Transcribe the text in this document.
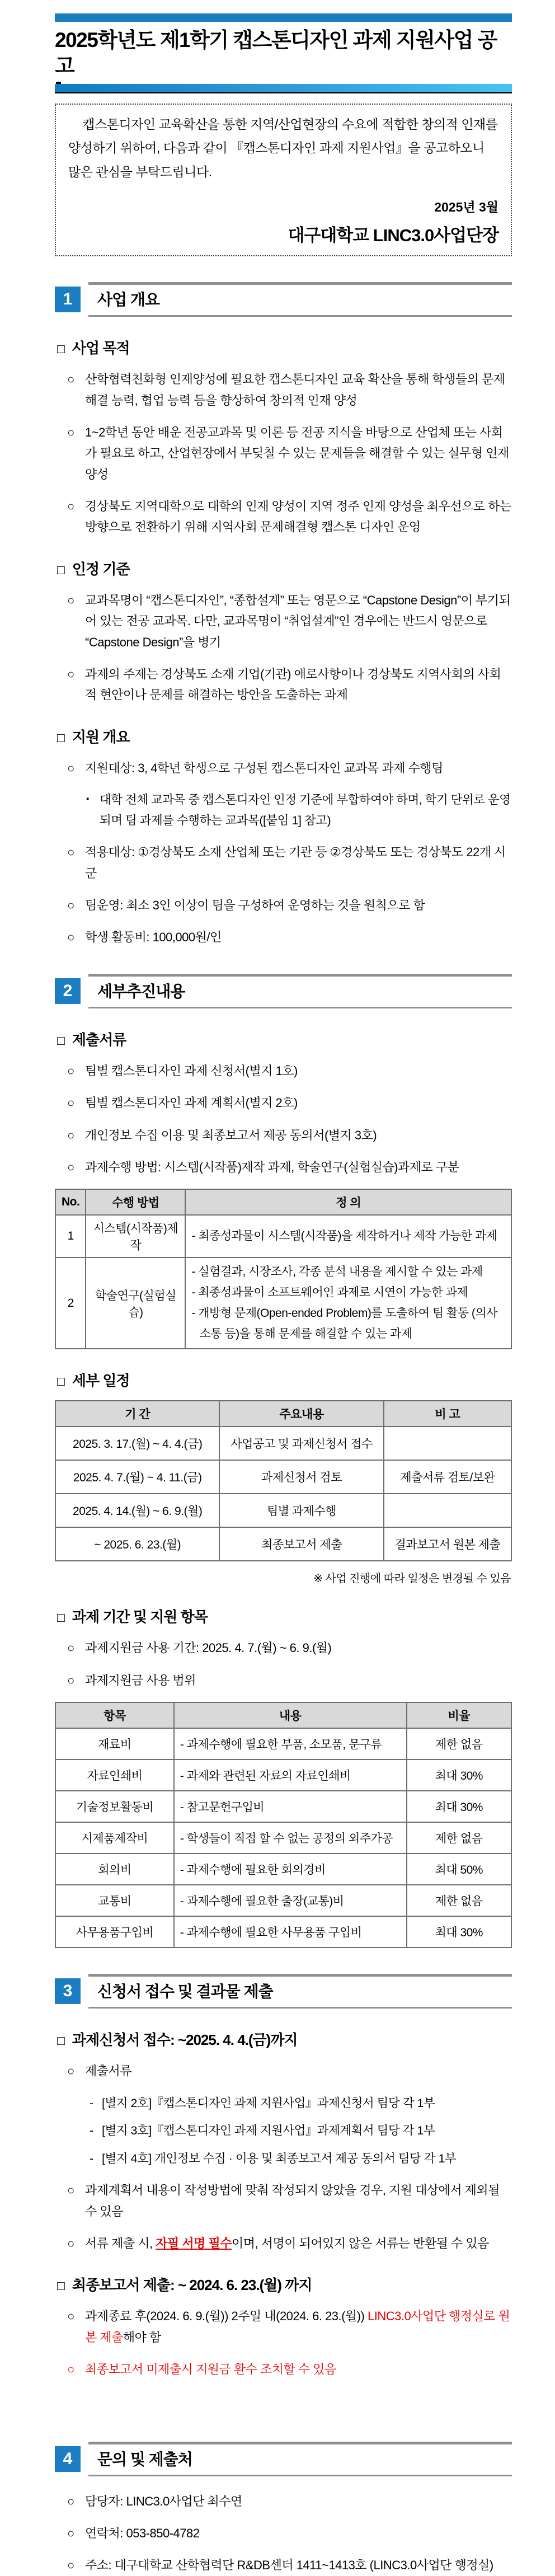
2025학년도 제1학기 캡스톤디자인 과제 지원사업 공고

캡스톤디자인 교육확산을 통한 지역/산업현장의 수요에 적합한 창의적 인재를 양성하기 위하여, 다음과 같이 『캡스톤디자인 과제 지원사업』을 공고하오니 많은 관심을 부탁드립니다.

2025년 3월
대구대학교 LINC3.0사업단장
1	사업 개요
□ 사업 목적
○ 산학협력친화형 인재양성에 필요한 캡스톤디자인 교육 확산을 통해 학생들의 문제해결 능력, 협업 능력 등을 향상하여 창의적 인재 양성
○ 1~2학년 동안 배운 전공교과목 및 이론 등 전공 지식을 바탕으로 산업체 또는 사회가 필요로 하고, 산업현장에서 부딪칠 수 있는 문제들을 해결할 수 있는 실무형 인재 양성
○ 경상북도 지역대학으로 대학의 인재 양성이 지역 정주 인재 양성을 최우선으로 하는 방향으로 전환하기 위해 지역사회 문제해결형 캡스톤 디자인 운영
□ 인정 기준
○ 교과목명이 “캡스톤디자인”, “종합설계” 또는 영문으로 “Capstone Design”이 부기되어 있는 전공 교과목. 다만, 교과목명이 “취업설계”인 경우에는 반드시 영문으로 “Capstone Design”을 병기
○ 과제의 주제는 경상북도 소재 기업(기관) 애로사항이나 경상북도 지역사회의 사회적 현안이나 문제를 해결하는 방안을 도출하는 과제
□ 지원 개요
○ 지원대상: 3, 4학년 학생으로 구성된 캡스톤디자인 교과목 과제 수행팀
▪ 대학 전체 교과목 중 캡스톤디자인 인정 기준에 부합하여야 하며, 학기 단위로 운영되며 팀 과제를 수행하는 교과목([붙임 1] 참고)
○ 적용대상: ①경상북도 소재 산업체 또는 기관 등 ②경상북도 또는 경상북도 22개 시군
○ 팀운영: 최소 3인 이상이 팀을 구성하여 운영하는 것을 원칙으로 함
○ 학생 활동비: 100,000원/인
2	세부추진내용
□ 제출서류
○ 팀별 캡스톤디자인 과제 신청서(별지 1호)
○ 팀별 캡스톤디자인 과제 계획서(별지 2호)
○ 개인정보 수집 이용 및 최종보고서 제공 동의서(별지 3호)
○ 과제수행 방법: 시스템(시작품)제작 과제, 학술연구(실험실습)과제로 구분
No.	수행 방법	정 의
1	시스템(시작품)제작	- 최종성과물이 시스템(시작품)을 제작하거나 제작 가능한 과제

2	학술연구(실험실습)	- 실험결과, 시장조사, 각종 분석 내용을 제시할 수 있는 과제
- 최종성과물이 소프트웨어인 과제로 시연이 가능한 과제
- 개방형 문제(Open-ended Problem)를 도출하여 팀 활동 (의사소통 등)을 통해 문제를 해결할 수 있는 과제
□ 세부 일정
기 간	주요내용	비 고
2025. 3. 17.(월) ~ 4. 4.(금)	사업공고 및 과제신청서 접수	
2025. 4. 7.(월) ~ 4. 11.(금)	과제신청서 검토	제출서류 검토/보완
2025. 4. 14.(월) ~ 6. 9.(월)	팀별 과제수행	
~ 2025. 6. 23.(월)	최종보고서 제출	결과보고서 원본 제출
※ 사업 진행에 따라 일정은 변경될 수 있음
□ 과제 기간 및 지원 항목
○ 과제지원금 사용 기간: 2025. 4. 7.(월) ~ 6. 9.(월)
○ 과제지원금 사용 범위
항목	내용	비율
재료비	- 과제수행에 필요한 부품, 소모품, 문구류	제한 없음
자료인쇄비	- 과제와 관련된 자료의 자료인쇄비	최대 30%
기술정보활동비	- 참고문헌구입비	최대 30%
시제품제작비	- 학생들이 직접 할 수 없는 공정의 외주가공	제한 없음
회의비	- 과제수행에 필요한 회의경비	최대 50%
교통비	- 과제수행에 필요한 출장(교통)비	제한 없음
사무용품구입비	- 과제수행에 필요한 사무용품 구입비	최대 30%
3	신청서 접수 및 결과물 제출
□ 과제신청서 접수: ~2025. 4. 4.(금)까지
○ 제출서류
- [별지 2호]『캡스톤디자인 과제 지원사업』과제신청서 팀당 각 1부
- [별지 3호]『캡스톤디자인 과제 지원사업』과제계획서 팀당 각 1부
- [별지 4호] 개인정보 수집 · 이용 및 최종보고서 제공 동의서 팀당 각 1부
○ 과제계획서 내용이 작성방법에 맞춰 작성되지 않았을 경우, 지원 대상에서 제외될 수 있음
○ 서류 제출 시, 자필 서명 필수이며, 서명이 되어있지 않은 서류는 반환될 수 있음
□ 최종보고서 제출: ~ 2024. 6. 23.(월) 까지
○ 과제종료 후(2024. 6. 9.(월)) 2주일 내(2024. 6. 23.(월)) LINC3.0사업단 행정실로 원본 제출해야 함
○ 최종보고서 미제출시 지원금 환수 조치할 수 있음
4	문의 및 제출처
○ 담당자: LINC3.0사업단 최수연
○ 연락처: 053-850-4782
○ 주소: 대구대학교 산학협력단 R&DB센터 1411~1413호 (LINC3.0사업단 행정실)
